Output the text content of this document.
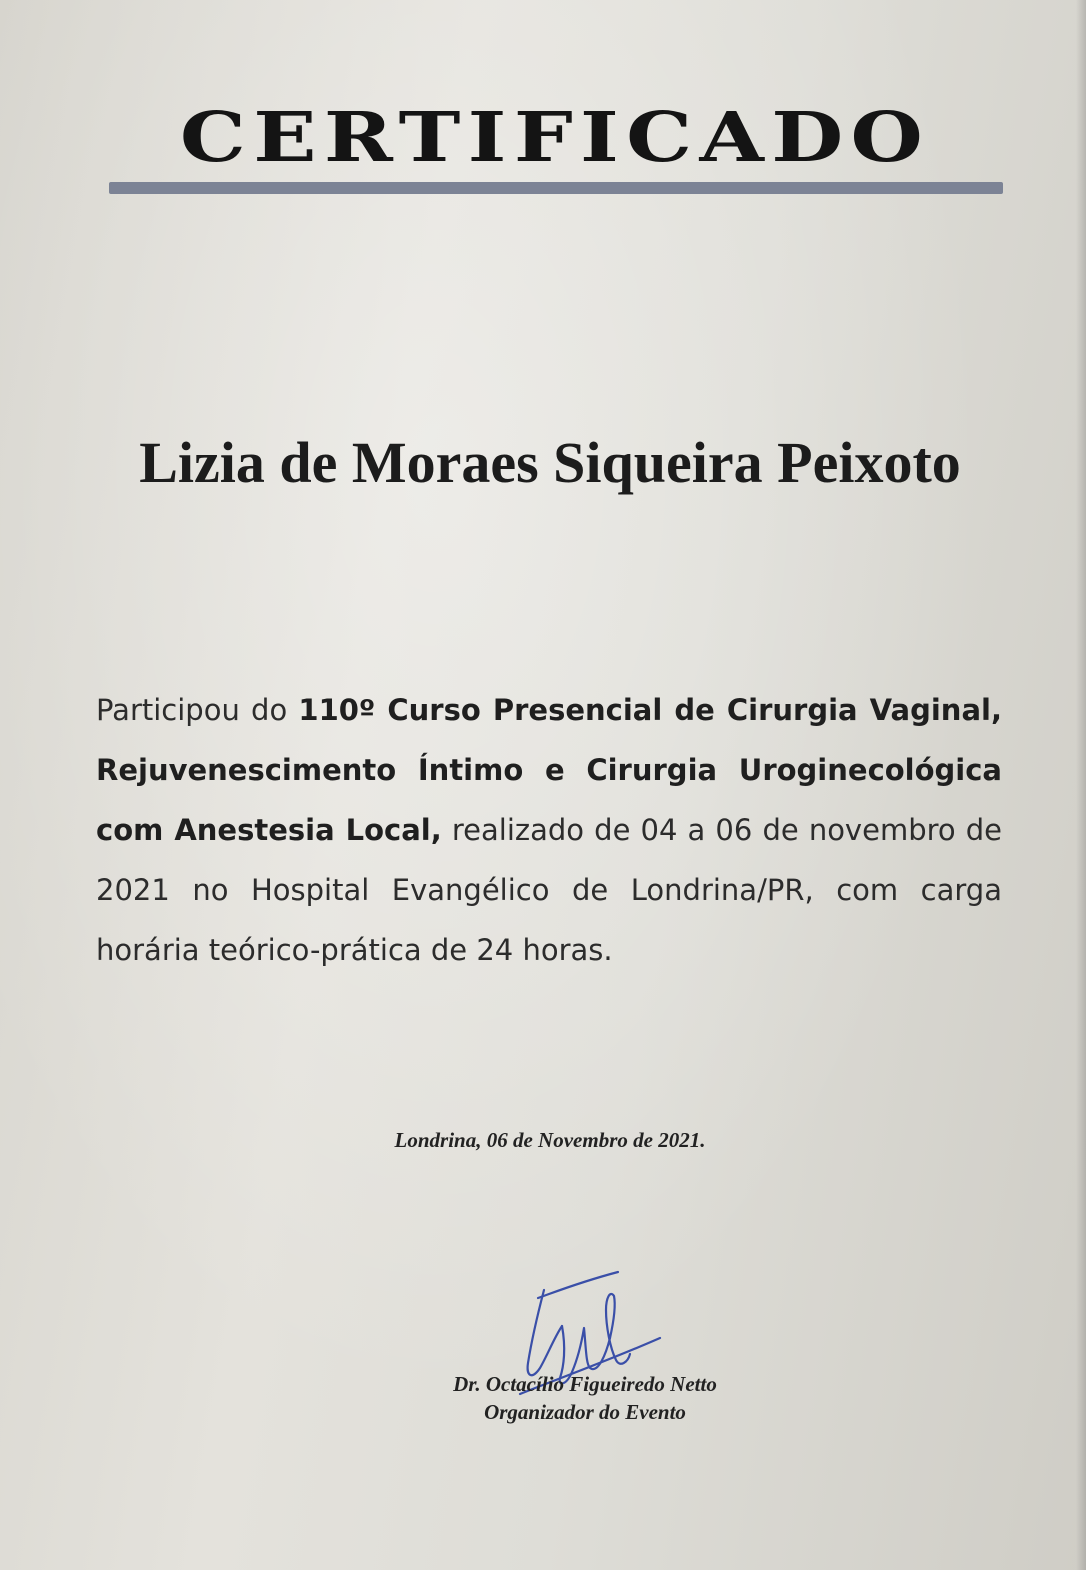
CERTIFICADO
Lizia de Moraes Siqueira Peixoto
Participou do 110º Curso Presencial de Cirurgia Vaginal, Rejuvenescimento Íntimo e Cirurgia Uroginecológica com Anestesia Local, realizado de 04 a 06 de novembro de 2021 no Hospital Evangélico de Londrina/PR, com carga horária teórico-prática de 24 horas.
Londrina, 06 de Novembro de 2021.
Dr. Octacílio Figueiredo Netto
Organizador do Evento
